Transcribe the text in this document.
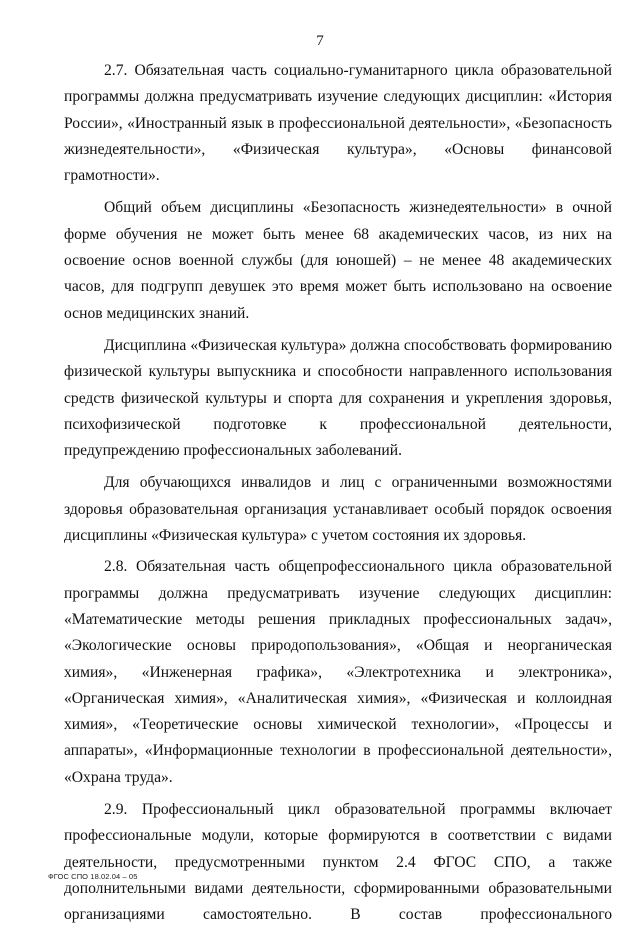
7

2.7. Обязательная часть социально-гуманитарного цикла образовательной программы должна предусматривать изучение следующих дисциплин: «История России», «Иностранный язык в профессиональной деятельности», «Безопасность жизнедеятельности», «Физическая культура», «Основы финансовой грамотности».

Общий объем дисциплины «Безопасность жизнедеятельности» в очной форме обучения не может быть менее 68 академических часов, из них на освоение основ военной службы (для юношей) – не менее 48 академических часов, для подгрупп девушек это время может быть использовано на освоение основ медицинских знаний.

Дисциплина «Физическая культура» должна способствовать формированию физической культуры выпускника и способности направленного использования средств физической культуры и спорта для сохранения и укрепления здоровья, психофизической подготовке к профессиональной деятельности, предупреждению профессиональных заболеваний.

Для обучающихся инвалидов и лиц с ограниченными возможностями здоровья образовательная организация устанавливает особый порядок освоения дисциплины «Физическая культура» с учетом состояния их здоровья.

2.8. Обязательная часть общепрофессионального цикла образовательной программы должна предусматривать изучение следующих дисциплин: «Математические методы решения прикладных профессиональных задач», «Экологические основы природопользования», «Общая и неорганическая химия», «Инженерная графика», «Электротехника и электроника», «Органическая химия», «Аналитическая химия», «Физическая и коллоидная химия», «Теоретические основы химической технологии», «Процессы и аппараты», «Информационные технологии в профессиональной деятельности», «Охрана труда».

2.9. Профессиональный цикл образовательной программы включает профессиональные модули, которые формируются в соответствии с видами деятельности, предусмотренными пунктом 2.4 ФГОС СПО, а также дополнительными видами деятельности, сформированными образовательными организациями самостоятельно. В состав профессионального

ФГОС СПО 18.02.04 – 05
